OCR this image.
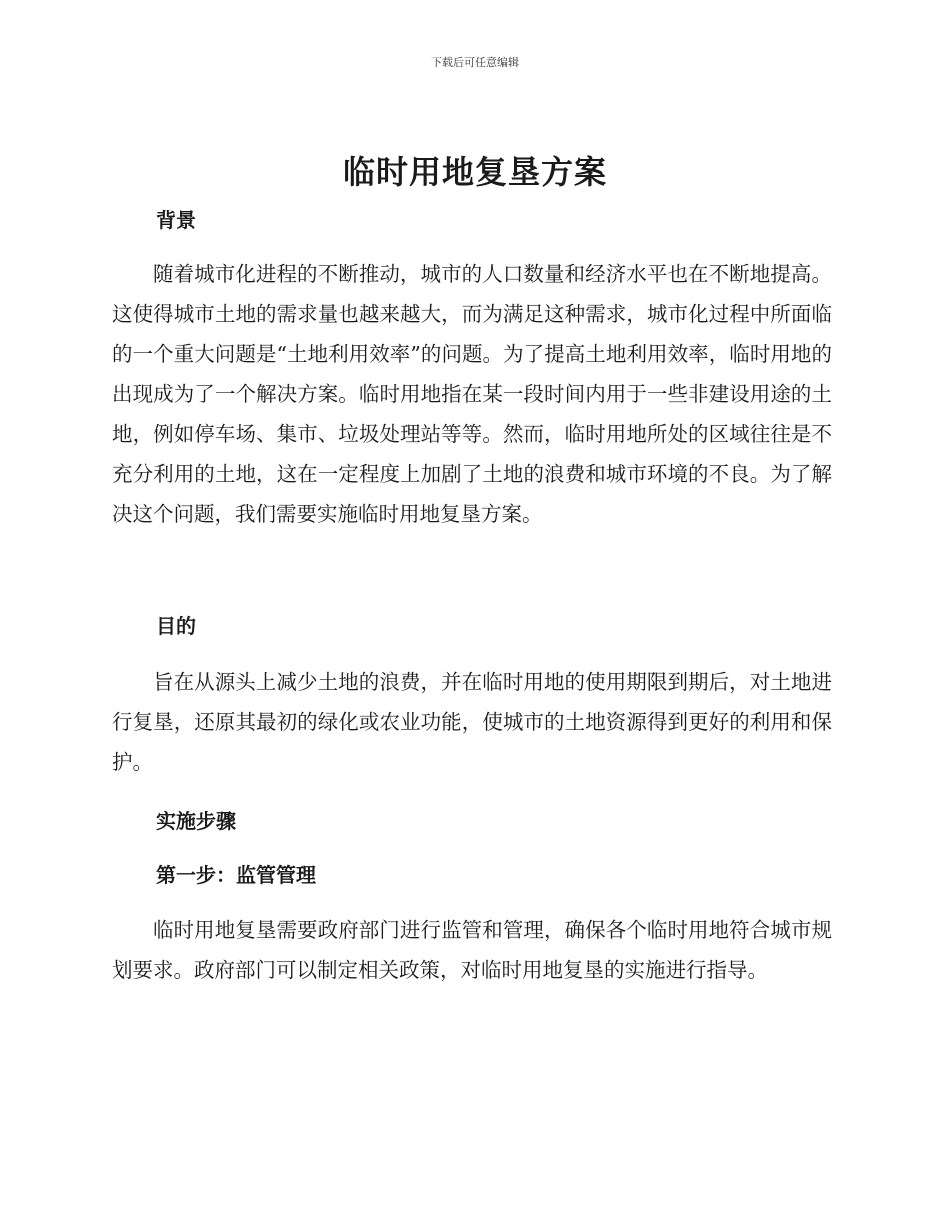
下载后可任意编辑
临时用地复垦方案
背景

随着城市化进程的不断推动，城市的人口数量和经济水平也在不断地提高。这使得城市土地的需求量也越来越大，而为满足这种需求，城市化过程中所面临的一个重大问题是“土地利用效率”的问题。为了提高土地利用效率，临时用地的出现成为了一个解决方案。临时用地指在某一段时间内用于一些非建设用途的土地，例如停车场、集市、垃圾处理站等等。然而，临时用地所处的区域往往是不充分利用的土地，这在一定程度上加剧了土地的浪费和城市环境的不良。为了解决这个问题，我们需要实施临时用地复垦方案。

目的

旨在从源头上减少土地的浪费，并在临时用地的使用期限到期后，对土地进行复垦，还原其最初的绿化或农业功能，使城市的土地资源得到更好的利用和保护。

实施步骤
第一步：监管管理

临时用地复垦需要政府部门进行监管和管理，确保各个临时用地符合城市规划要求。政府部门可以制定相关政策，对临时用地复垦的实施进行指导。
